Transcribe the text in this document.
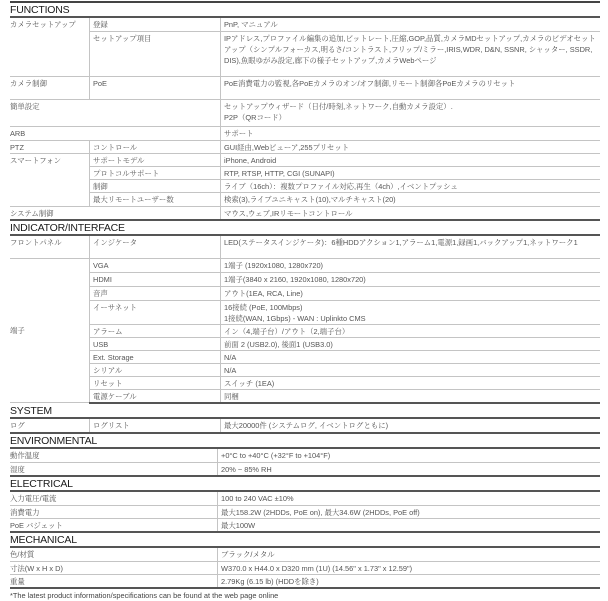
FUNCTIONS
カメラセットアップ	登録	PnP, マニュアル
	セットアップ項目	IPアドレス,プロファイル編集の追加,ビットレート,圧縮,GOP,品質,カメラMDセットアップ,カメラのビデオセット
アップ（シンプルフォーカス,明るさ/コントラスト,フリップ/ミラー,IRIS,WDR, D&N, SSNR, シャッター, SSDR,
DIS),魚眼ゆがみ設定,廊下の様子セットアップ,カメラWebページ
カメラ制御	PoE	PoE消費電力の監視,各PoEカメラのオン/オフ制御,リモート制御各PoEカメラのリセット
簡単設定		セットアップウィザード（日付/時刻,ネットワーク,自動カメラ設定）.
P2P（QRコード）
ARB		サポート
PTZ	コントロール	GUI経由,Webビューア,255プリセット
スマートフォン	サポートモデル	iPhone, Android
	プロトコルサポート	RTP, RTSP, HTTP, CGI (SUNAPI)
	制御	ライブ（16ch）：複数プロファイル対応,再生（4ch）,イベントプッシュ
	最大リモートユーザー数	検索(3),ライブユニキャスト(10),マルチキャスト(20)
システム制御		マウス,ウェブ,IRリモートコントロール
INDICATOR/INTERFACE
フロントパネル	インジケータ	LED(ステータスインジケータ)：6種HDDアクション1,アラーム1,電源1,録画1,バックアップ1,ネットワーク1
端子	VGA	1端子 (1920x1080, 1280x720)
	HDMI	1端子(3840 x 2160, 1920x1080, 1280x720)
	音声	アウト(1EA, RCA, Line)
	イーサネット	16接続 (PoE, 100Mbps)
1接続(WAN, 1Gbps) - WAN : Uplinkto CMS
	アラーム	イン（4,端子台）/アウト（2,端子台）
	USB	前面 2 (USB2.0), 後面1 (USB3.0)
	Ext. Storage	N/A
	シリアル	N/A
	リセット	スイッチ (1EA)
	電源ケーブル	同梱
SYSTEM
ログ	ログリスト	最大20000件 (システムログ, イベントログともに)
ENVIRONMENTAL
動作温度	+0°C to +40°C (+32°F to +104°F)
湿度	20% ~ 85% RH
ELECTRICAL
入力電圧/電流	100 to 240 VAC ±10%
消費電力	最大158.2W (2HDDs, PoE on), 最大34.6W (2HDDs, PoE off)
PoE バジェット	最大100W
MECHANICAL
色/材質	ブラック/メタル
寸法(W x H x D)	W370.0 x H44.0 x D320 mm (1U) (14.56" x 1.73" x 12.59")
重量	2.79Kg (6.15 lb) (HDDを除き)
*The latest product information/specifications can be found at the web page online
